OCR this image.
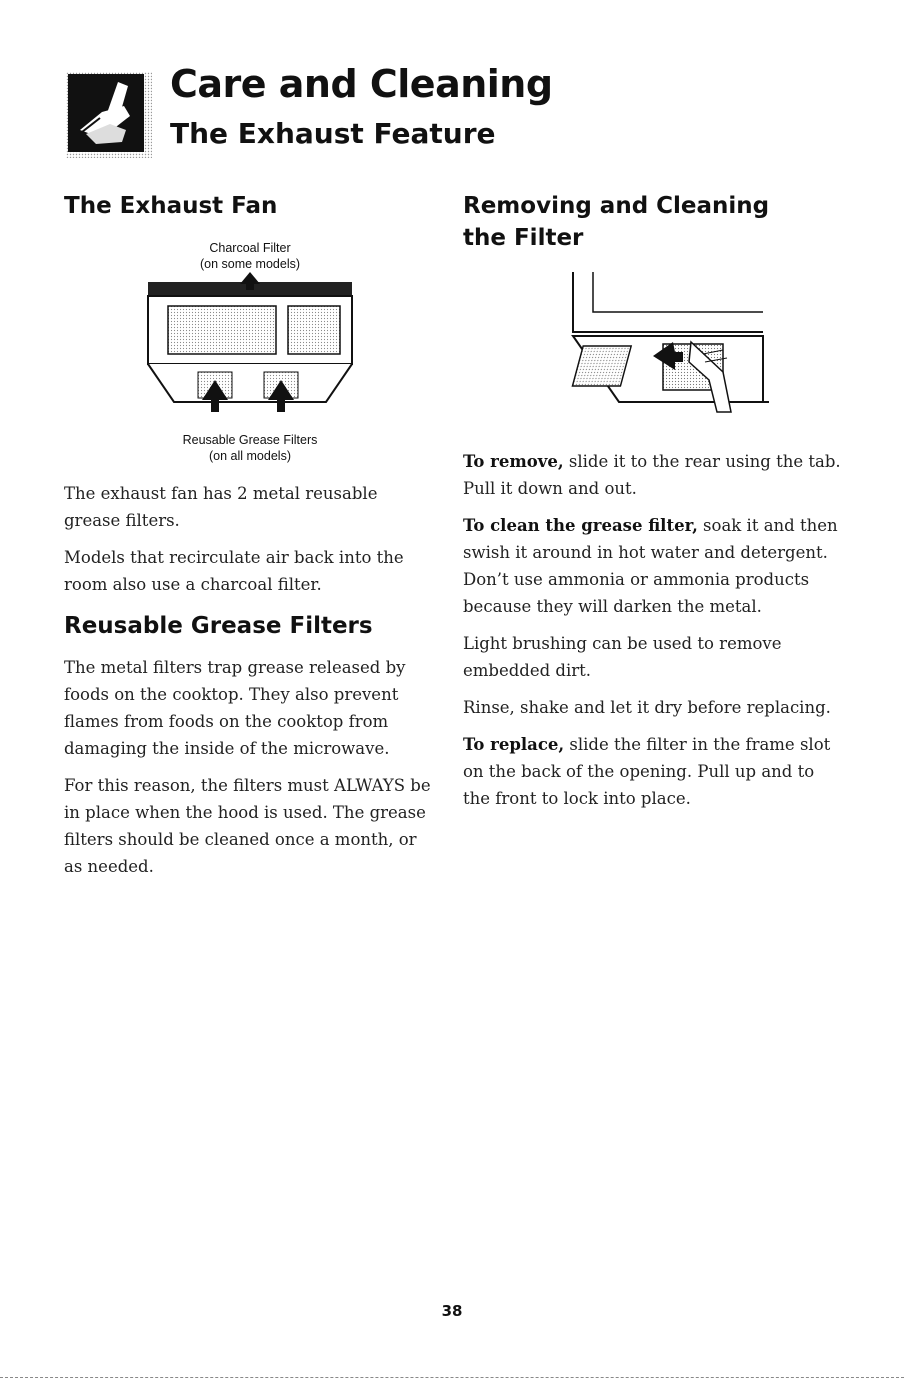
Care and Cleaning
The Exhaust Feature
The Exhaust Fan

Charcoal Filter

(on some models)

Reusable Grease Filters

(on all models)

The exhaust fan has 2 metal reusable grease filters.

Models that recirculate air back into the room also use a charcoal filter.

Reusable Grease Filters

The metal filters trap grease released by foods on the cooktop. They also prevent flames from foods on the cooktop from damaging the inside of the microwave.

For this reason, the filters must ALWAYS be in place when the hood is used. The grease filters should be cleaned once a month, or as needed.

Removing and Cleaning
the Filter

To remove, slide it to the rear using the tab. Pull it down and out.

To clean the grease filter, soak it and then swish it around in hot water and detergent. Don’t use ammonia or ammonia products because they will darken the metal.

Light brushing can be used to remove embedded dirt.

Rinse, shake and let it dry before replacing.

To replace, slide the filter in the frame slot on the back of the opening. Pull up and to the front to lock into place.

38
